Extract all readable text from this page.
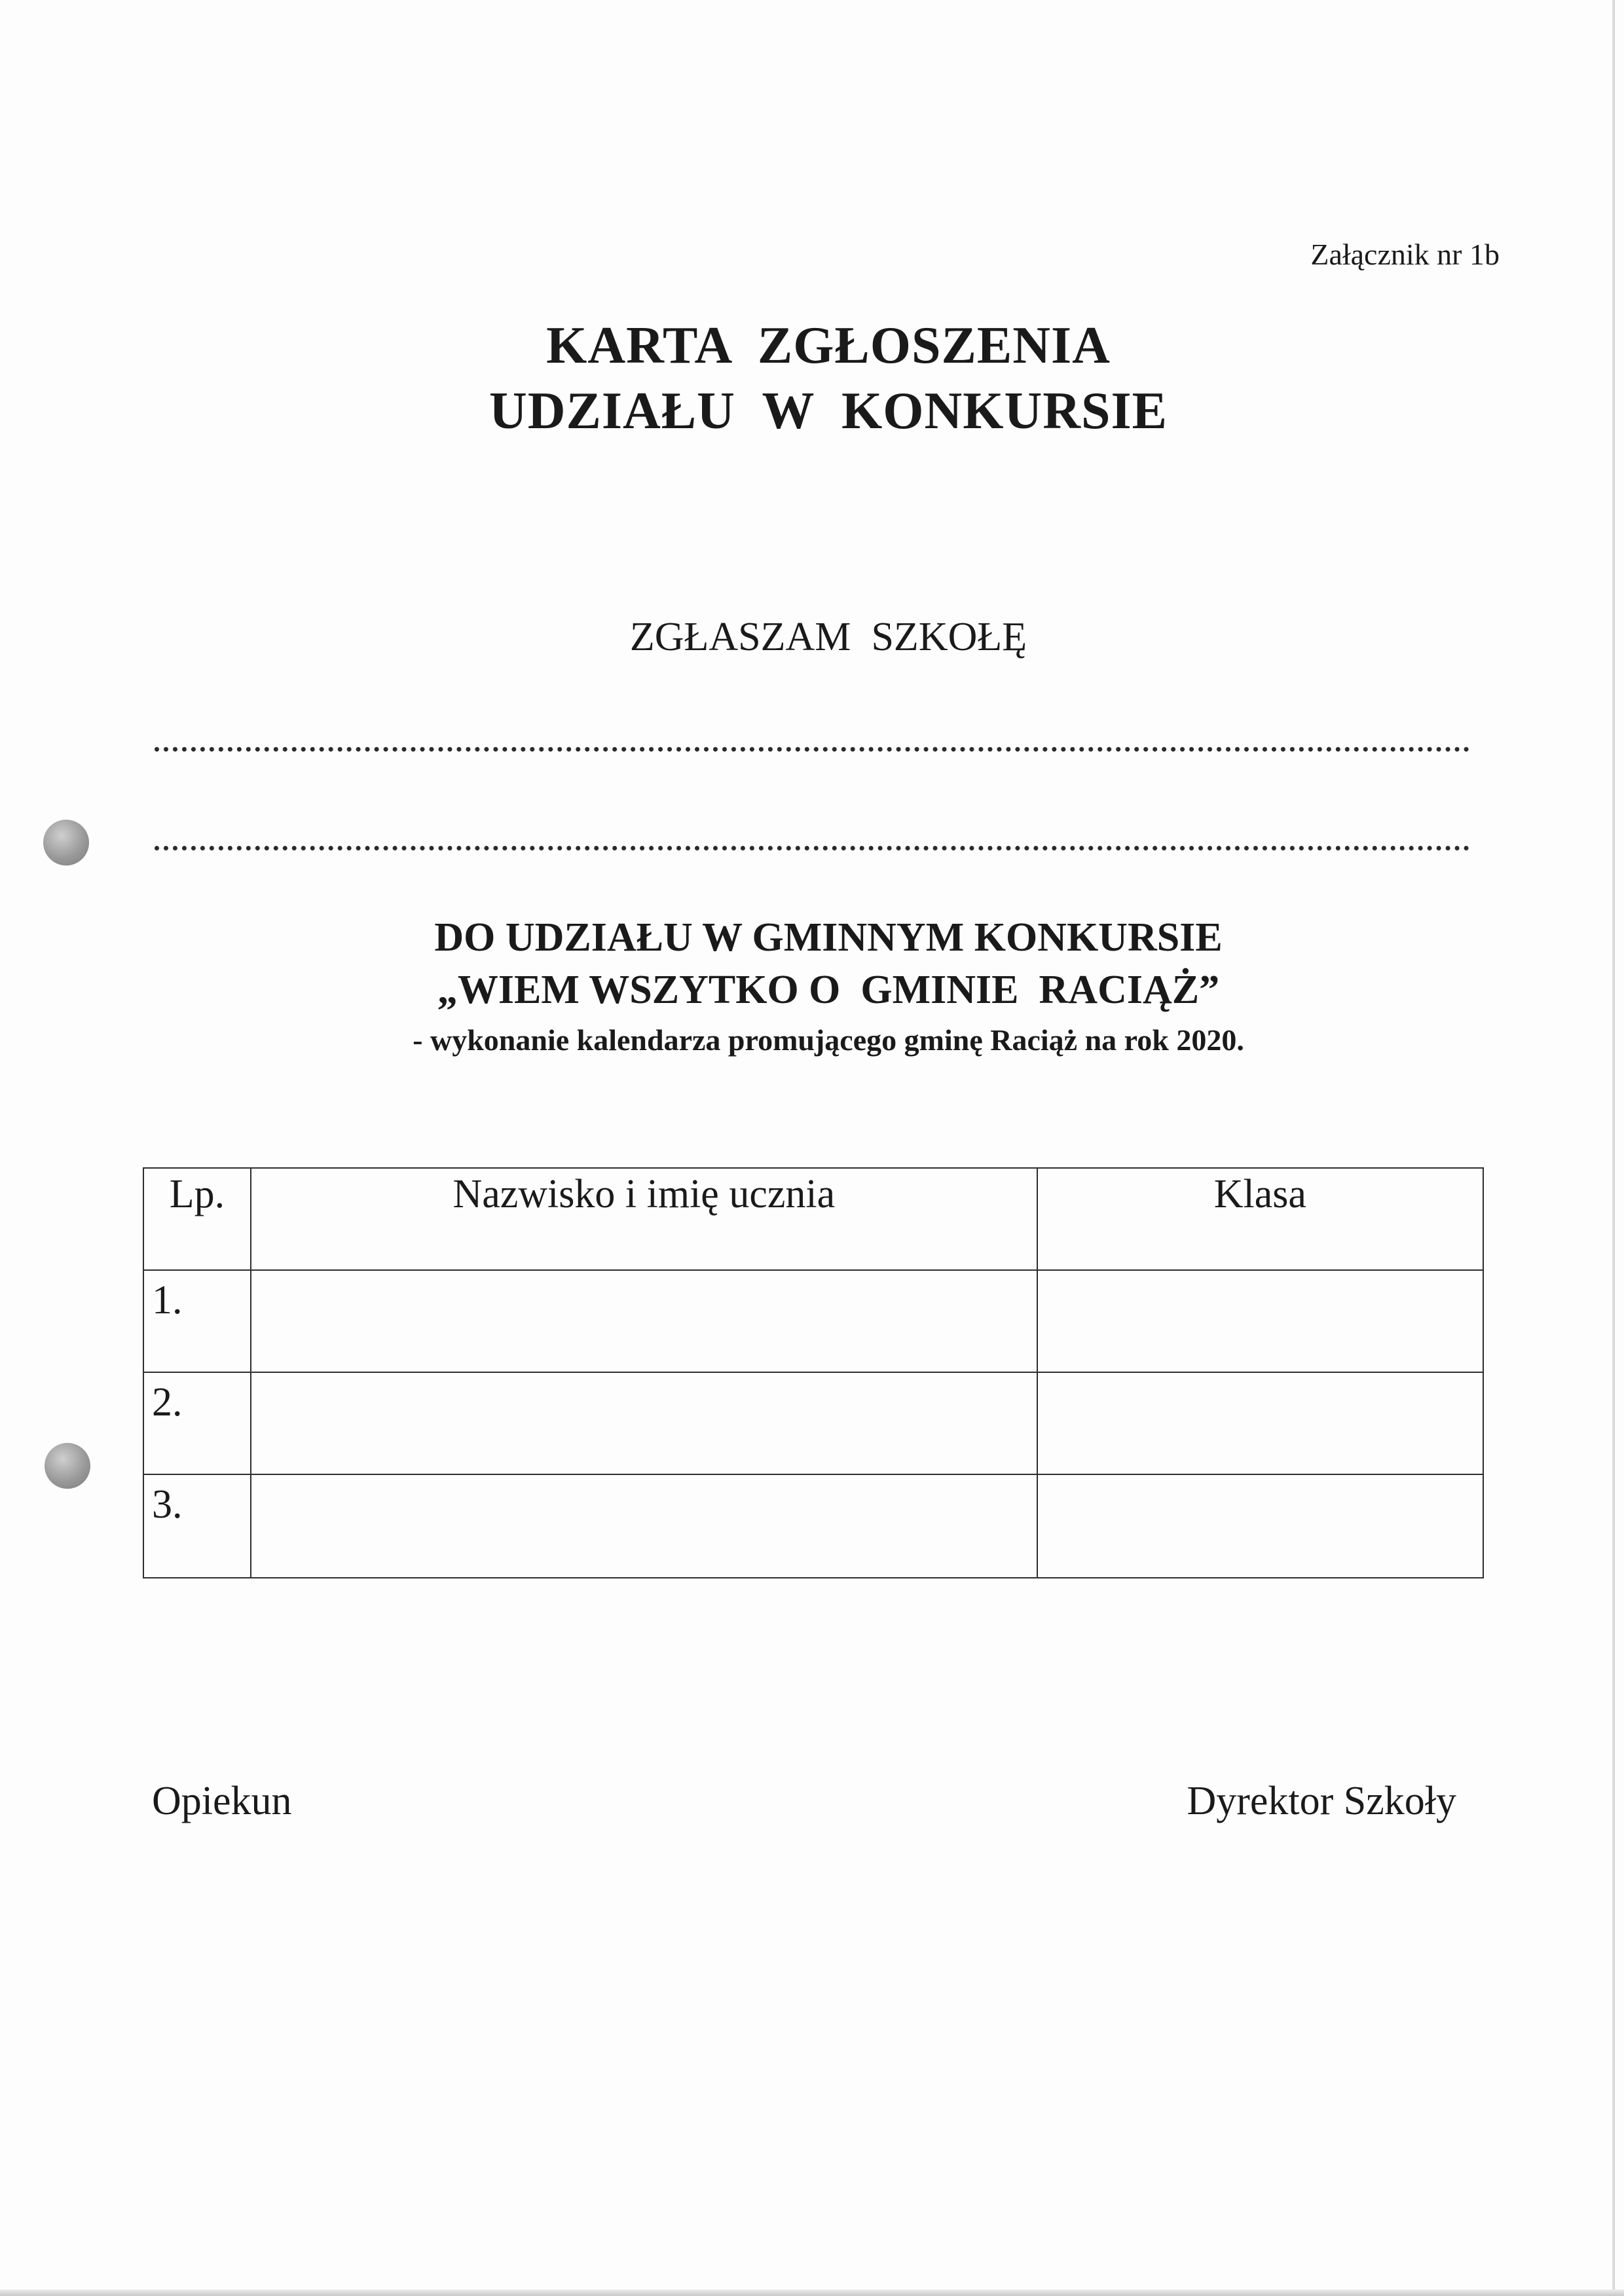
Załącznik nr 1b
KARTA  ZGŁOSZENIA
UDZIAŁU  W  KONKURSIE
ZGŁASZAM  SZKOŁĘ
DO UDZIAŁU W GMINNYM KONKURSIE
„WIEM WSZYTKO O  GMINIE  RACIĄŻ”
- wykonanie kalendarza promującego gminę Raciąż na rok 2020.
Lp.	Nazwisko i imię ucznia	Klasa
1.		
2.		
3.		
Opiekun	Dyrektor Szkoły
